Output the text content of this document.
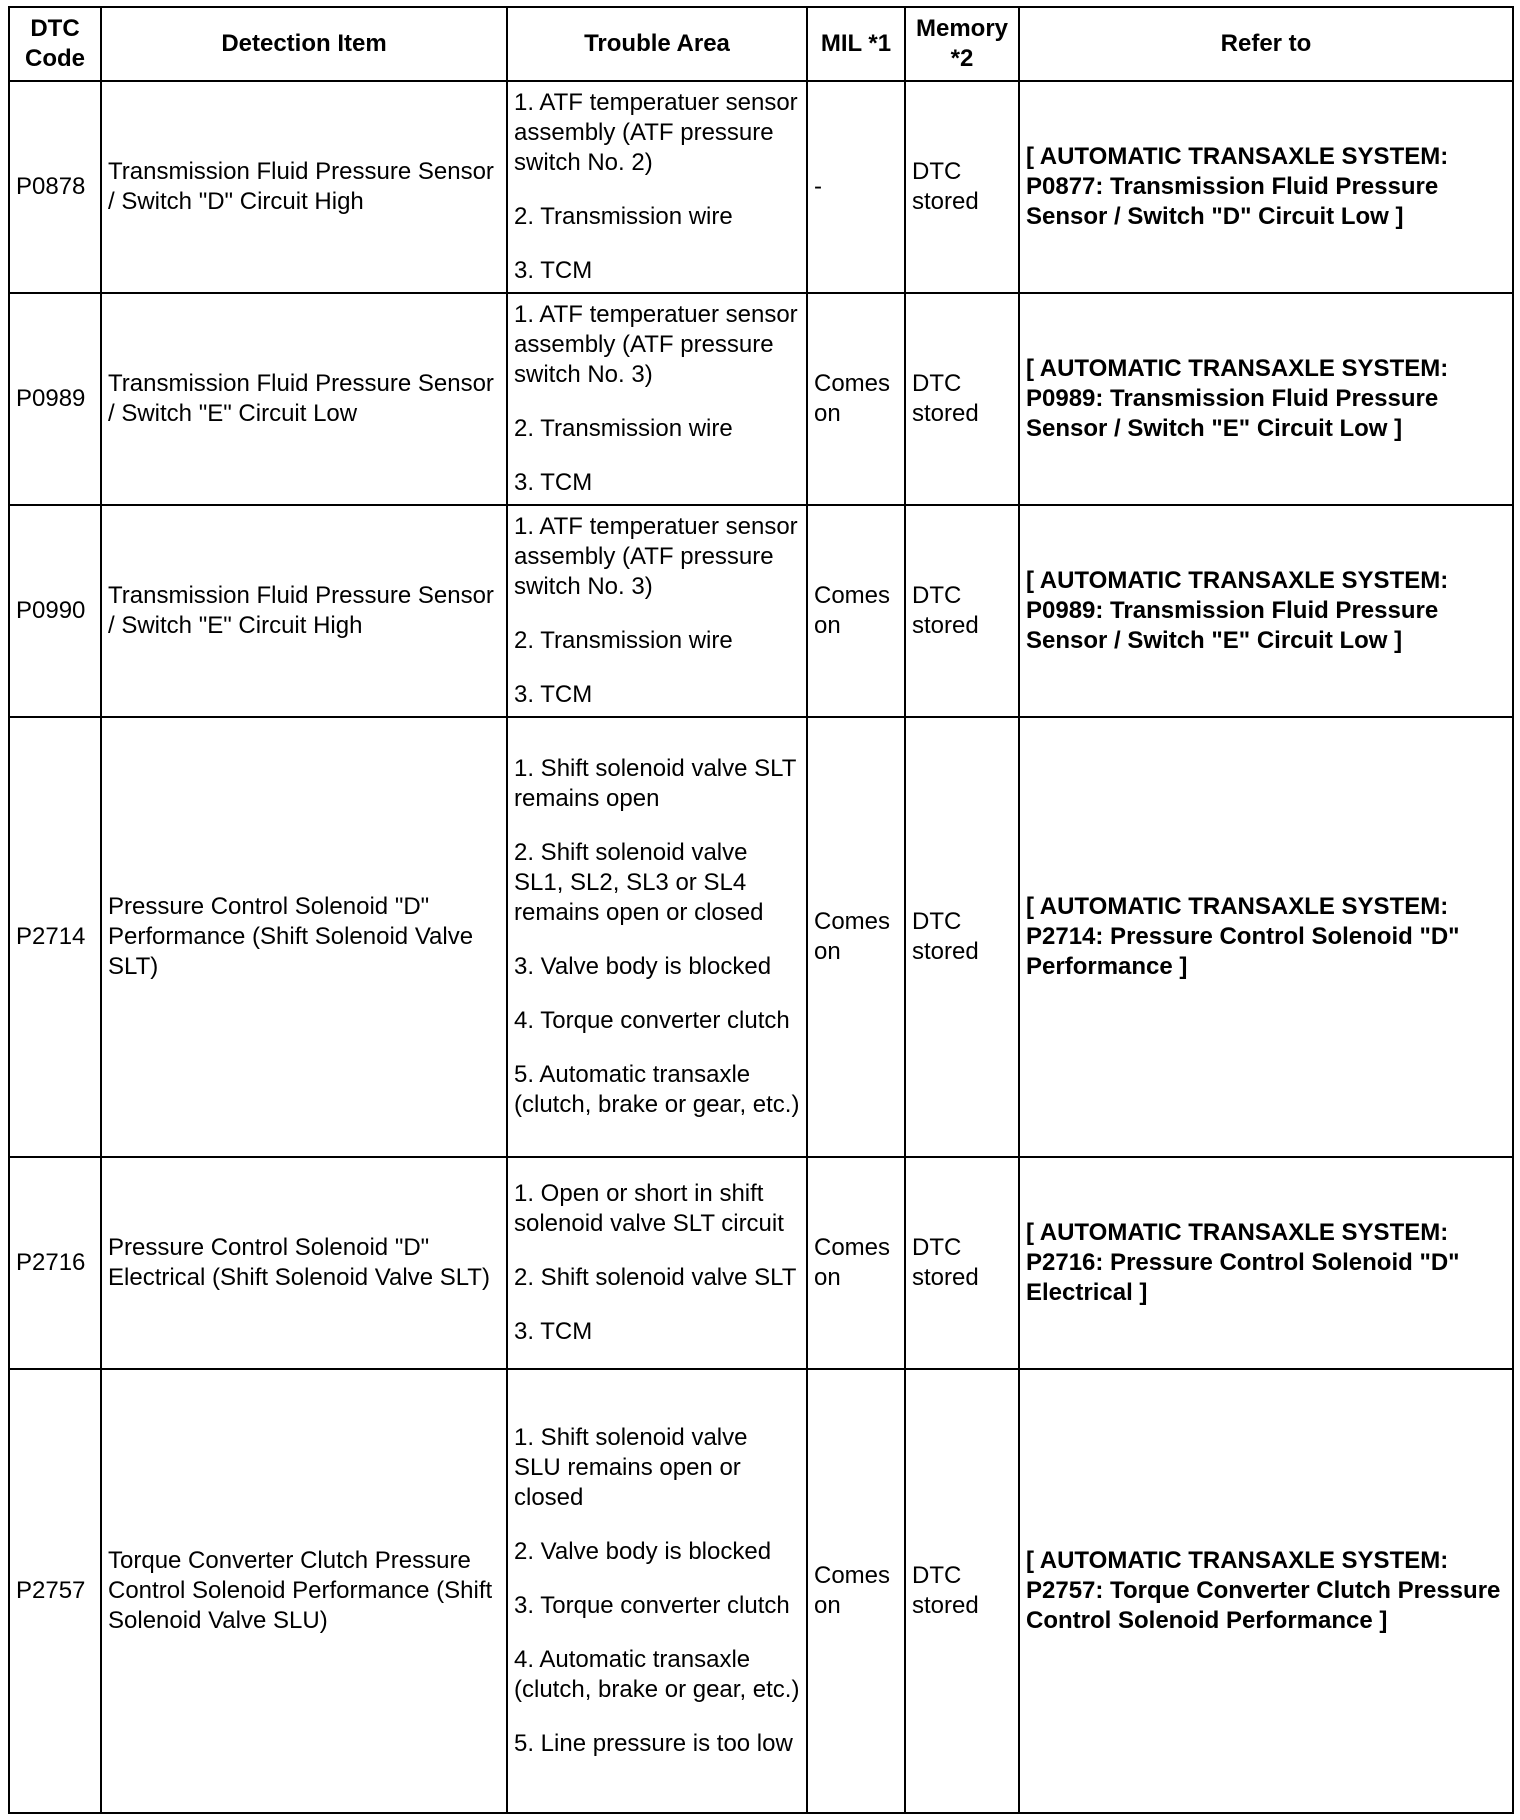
DTC Code	Detection Item	Trouble Area	MIL *1	Memory *2	Refer to
P0878	Transmission Fluid Pressure Sensor / Switch "D" Circuit High	1. ATF temperatuer sensor assembly (ATF pressure switch No. 2)
2. Transmission wire
3. TCM	-	DTC stored	[ AUTOMATIC TRANSAXLE SYSTEM: P0877: Transmission Fluid Pressure Sensor / Switch "D" Circuit Low ]
P0989	Transmission Fluid Pressure Sensor / Switch "E" Circuit Low	1. ATF temperatuer sensor assembly (ATF pressure switch No. 3)
2. Transmission wire
3. TCM	Comes on	DTC stored	[ AUTOMATIC TRANSAXLE SYSTEM: P0989: Transmission Fluid Pressure Sensor / Switch "E" Circuit Low ]
P0990	Transmission Fluid Pressure Sensor / Switch "E" Circuit High	1. ATF temperatuer sensor assembly (ATF pressure switch No. 3)
2. Transmission wire
3. TCM	Comes on	DTC stored	[ AUTOMATIC TRANSAXLE SYSTEM: P0989: Transmission Fluid Pressure Sensor / Switch "E" Circuit Low ]
P2714	Pressure Control Solenoid "D" Performance (Shift Solenoid Valve SLT)	1. Shift solenoid valve SLT remains open
2. Shift solenoid valve SL1, SL2, SL3 or SL4 remains open or closed
3. Valve body is blocked
4. Torque converter clutch
5. Automatic transaxle (clutch, brake or gear, etc.)	Comes on	DTC stored	[ AUTOMATIC TRANSAXLE SYSTEM: P2714: Pressure Control Solenoid "D" Performance ]
P2716	Pressure Control Solenoid "D" Electrical (Shift Solenoid Valve SLT)	1. Open or short in shift solenoid valve SLT circuit
2. Shift solenoid valve SLT
3. TCM	Comes on	DTC stored	[ AUTOMATIC TRANSAXLE SYSTEM: P2716: Pressure Control Solenoid "D" Electrical ]
P2757	Torque Converter Clutch Pressure Control Solenoid Performance (Shift Solenoid Valve SLU)	1. Shift solenoid valve SLU remains open or closed
2. Valve body is blocked
3. Torque converter clutch
4. Automatic transaxle (clutch, brake or gear, etc.)
5. Line pressure is too low	Comes on	DTC stored	[ AUTOMATIC TRANSAXLE SYSTEM: P2757: Torque Converter Clutch Pressure Control Solenoid Performance ]
